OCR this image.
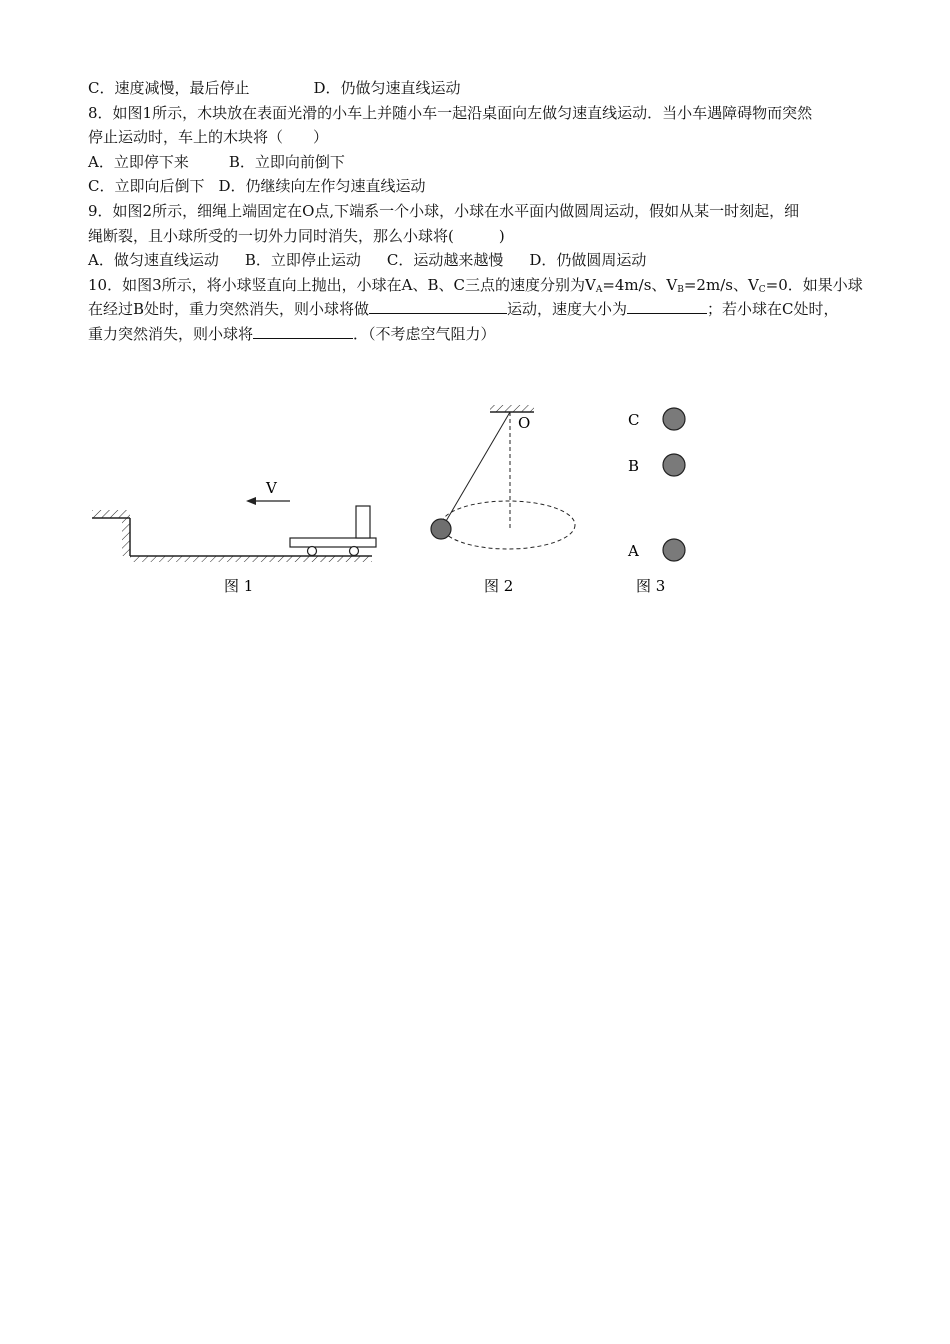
C．速度减慢，最后停止	D．仍做匀速直线运动
8．如图1所示，木块放在表面光滑的小车上并随小车一起沿桌面向左做匀速直线运动．当小车遇障碍物而突然
停止运动时，车上的木块将（　　）
A．立即停下来	B．立即向前倒下
C．立即向后倒下 D．仍继续向左作匀速直线运动
9．如图2所示，细绳上端固定在O点,下端系一个小球，小球在水平面内做圆周运动，假如从某一时刻起，细
绳断裂，且小球所受的一切外力同时消失，那么小球将(　　　)
A．做匀速直线运动 B．立即停止运动 C．运动越来越慢 D．仍做圆周运动
10．如图3所示，将小球竖直向上抛出，小球在A、B、C三点的速度分别为$V_A=4m/s$、$V_B=2m/s$、$V_C=0$．如果小球
在经过B处时，重力突然消失，则小球将做	运动，速度大小为	；若小球在C处时，
重力突然消失，则小球将	．（不考虑空气阻力）
V
图 1
O
图 2
C
B
A
图 3
